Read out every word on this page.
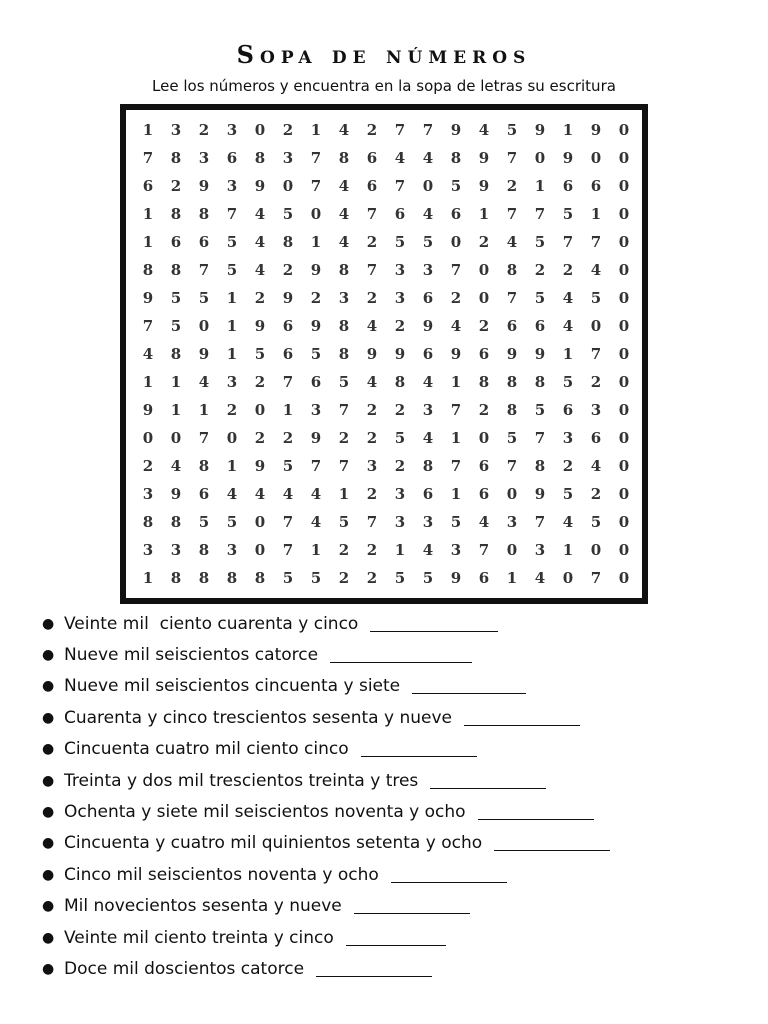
Sopa de números

Lee los números y encuentra en la sopa de letras su escritura

1	3	2	3	0	2	1	4	2	7	7	9	4	5	9	1	9	0
7	8	3	6	8	3	7	8	6	4	4	8	9	7	0	9	0	0
6	2	9	3	9	0	7	4	6	7	0	5	9	2	1	6	6	0
1	8	8	7	4	5	0	4	7	6	4	6	1	7	7	5	1	0
1	6	6	5	4	8	1	4	2	5	5	0	2	4	5	7	7	0
8	8	7	5	4	2	9	8	7	3	3	7	0	8	2	2	4	0
9	5	5	1	2	9	2	3	2	3	6	2	0	7	5	4	5	0
7	5	0	1	9	6	9	8	4	2	9	4	2	6	6	4	0	0
4	8	9	1	5	6	5	8	9	9	6	9	6	9	9	1	7	0
1	1	4	3	2	7	6	5	4	8	4	1	8	8	8	5	2	0
9	1	1	2	0	1	3	7	2	2	3	7	2	8	5	6	3	0
0	0	7	0	2	2	9	2	2	5	4	1	0	5	7	3	6	0
2	4	8	1	9	5	7	7	3	2	8	7	6	7	8	2	4	0
3	9	6	4	4	4	4	1	2	3	6	1	6	0	9	5	2	0
8	8	5	5	0	7	4	5	7	3	3	5	4	3	7	4	5	0
3	3	8	3	0	7	1	2	2	1	4	3	7	0	3	1	0	0
1	8	8	8	8	5	5	2	2	5	5	9	6	1	4	0	7	0
● Veinte mil  ciento cuarenta y cinco
● Nueve mil seiscientos catorce
● Nueve mil seiscientos cincuenta y siete
● Cuarenta y cinco trescientos sesenta y nueve
● Cincuenta cuatro mil ciento cinco
● Treinta y dos mil trescientos treinta y tres
● Ochenta y siete mil seiscientos noventa y ocho
● Cincuenta y cuatro mil quinientos setenta y ocho
● Cinco mil seiscientos noventa y ocho
● Mil novecientos sesenta y nueve
● Veinte mil ciento treinta y cinco
● Doce mil doscientos catorce
